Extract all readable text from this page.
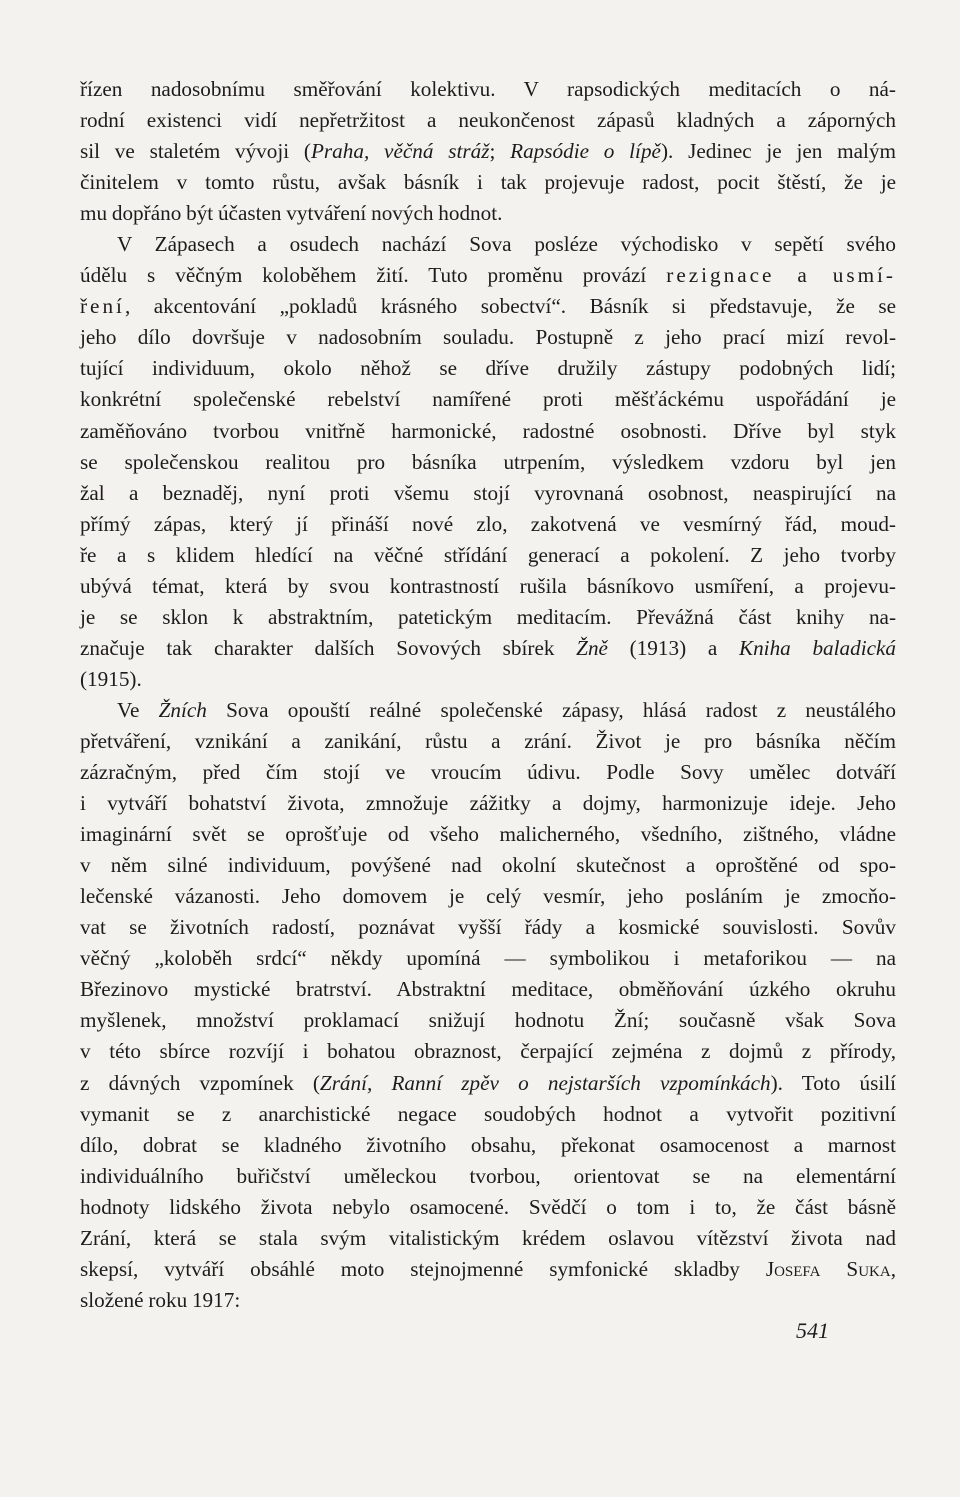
řízen nadosobnímu směřování kolektivu. V rapsodických meditacích o ná-
rodní existenci vidí nepřetržitost a neukončenost zápasů kladných a záporných
sil ve staletém vývoji (Praha, věčná stráž; Rapsódie o lípě). Jedinec je jen malým
činitelem v tomto růstu, avšak básník i tak projevuje radost, pocit štěstí, že je
mu dopřáno být účasten vytváření nových hodnot.
V Zápasech a osudech nachází Sova posléze východisko v sepětí svého
údělu s věčným koloběhem žití. Tuto proměnu provází rezignace a usmí-
ření, akcentování „pokladů krásného sobectví“. Básník si představuje, že se
jeho dílo dovršuje v nadosobním souladu. Postupně z jeho prací mizí revol-
tující individuum, okolo něhož se dříve družily zástupy podobných lidí;
konkrétní společenské rebelství namířené proti měšťáckému uspořádání je
zaměňováno tvorbou vnitřně harmonické, radostné osobnosti. Dříve byl styk
se společenskou realitou pro básníka utrpením, výsledkem vzdoru byl jen
žal a beznaděj, nyní proti všemu stojí vyrovnaná osobnost, neaspirující na
přímý zápas, který jí přináší nové zlo, zakotvená ve vesmírný řád, moud-
ře a s klidem hledící na věčné střídání generací a pokolení. Z jeho tvorby
ubývá témat, která by svou kontrastností rušila básníkovo usmíření, a projevu-
je se sklon k abstraktním, patetickým meditacím. Převážná část knihy na-
značuje tak charakter dalších Sovových sbírek Žně (1913) a Kniha baladická
(1915).
Ve Žních Sova opouští reálné společenské zápasy, hlásá radost z neustálého
přetváření, vznikání a zanikání, růstu a zrání. Život je pro básníka něčím
zázračným, před čím stojí ve vroucím údivu. Podle Sovy umělec dotváří
i vytváří bohatství života, zmnožuje zážitky a dojmy, harmonizuje ideje. Jeho
imaginární svět se oprošťuje od všeho malicherného, všedního, zištného, vládne
v něm silné individuum, povýšené nad okolní skutečnost a oproštěné od spo-
lečenské vázanosti. Jeho domovem je celý vesmír, jeho posláním je zmocňo-
vat se životních radostí, poznávat vyšší řády a kosmické souvislosti. Sovův
věčný „koloběh srdcí“ někdy upomíná — symbolikou i metaforikou — na
Březinovo mystické bratrství. Abstraktní meditace, obměňování úzkého okruhu
myšlenek, množství proklamací snižují hodnotu Žní; současně však Sova
v této sbírce rozvíjí i bohatou obraznost, čerpající zejména z dojmů z přírody,
z dávných vzpomínek (Zrání, Ranní zpěv o nejstarších vzpomínkách). Toto úsilí
vymanit se z anarchistické negace soudobých hodnot a vytvořit pozitivní
dílo, dobrat se kladného životního obsahu, překonat osamocenost a marnost
individuálního buřičství uměleckou tvorbou, orientovat se na elementární
hodnoty lidského života nebylo osamocené. Svědčí o tom i to, že část básně
Zrání, která se stala svým vitalistickým krédem oslavou vítězství života nad
skepsí, vytváří obsáhlé moto stejnojmenné symfonické skladby Josefa Suka,
složené roku 1917:
541
